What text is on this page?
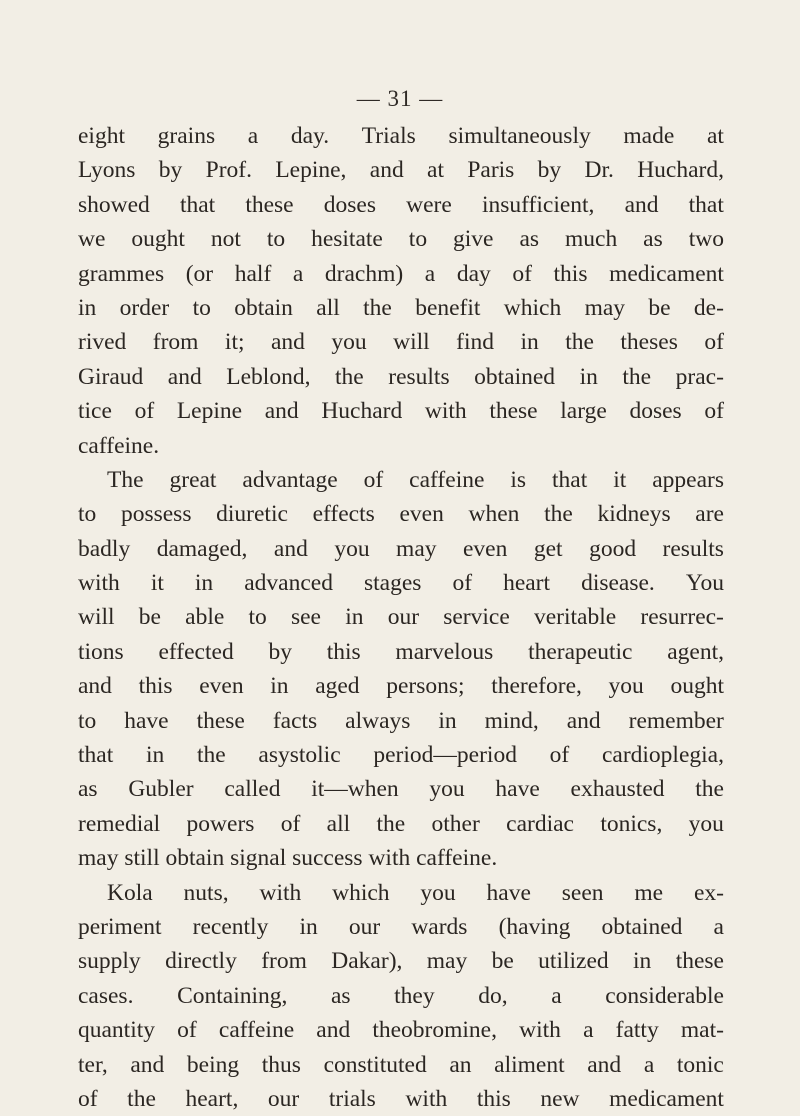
— 31 —
eight grains a day. Trials simultaneously made at
Lyons by Prof. Lepine, and at Paris by Dr. Huchard,
showed that these doses were insufficient, and that
we ought not to hesitate to give as much as two
grammes (or half a drachm) a day of this medicament
in order to obtain all the benefit which may be de-
rived from it; and you will find in the theses of
Giraud and Leblond, the results obtained in the prac-
tice of Lepine and Huchard with these large doses of
caffeine.
The great advantage of caffeine is that it appears
to possess diuretic effects even when the kidneys are
badly damaged, and you may even get good results
with it in advanced stages of heart disease. You
will be able to see in our service veritable resurrec-
tions effected by this marvelous therapeutic agent,
and this even in aged persons; therefore, you ought
to have these facts always in mind, and remember
that in the asystolic period—period of cardioplegia,
as Gubler called it—when you have exhausted the
remedial powers of all the other cardiac tonics, you
may still obtain signal success with caffeine.
Kola nuts, with which you have seen me ex-
periment recently in our wards (having obtained a
supply directly from Dakar), may be utilized in these
cases. Containing, as they do, a considerable
quantity of caffeine and theobromine, with a fatty mat-
ter, and being thus constituted an aliment and a tonic
of the heart, our trials with this new medicament
